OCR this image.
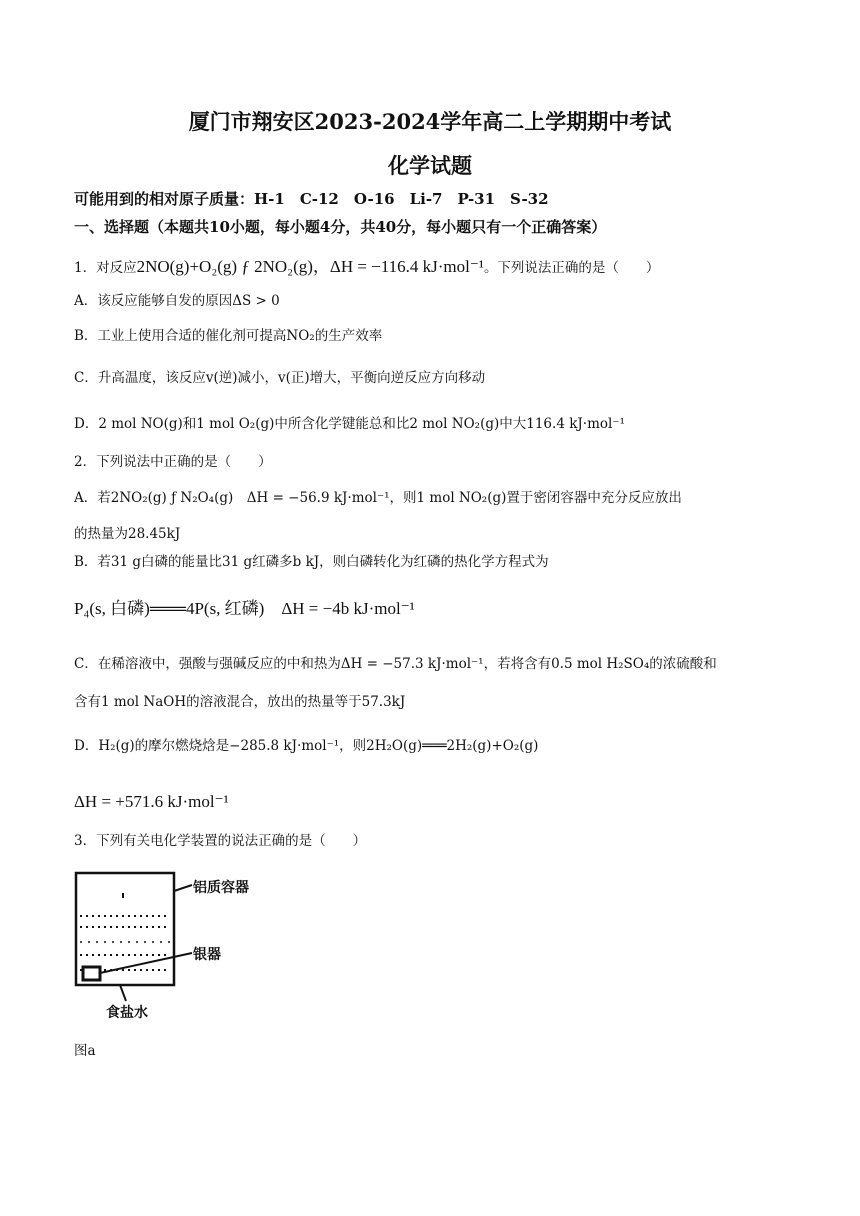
厦门市翔安区2023-2024学年高二上学期期中考试
化学试题
可能用到的相对原子质量：H-1　C-12　O-16　Li-7　P-31　S-32
一、选择题（本题共10小题，每小题4分，共40分，每小题只有一个正确答案）
1．对反应2NO(g)+O₂(g) ƒ 2NO₂(g)，ΔH = −116.4 kJ·mol⁻¹。下列说法正确的是（　　）
A．该反应能够自发的原因ΔS > 0
B．工业上使用合适的催化剂可提高NO₂的生产效率
C．升高温度，该反应v(逆)减小，v(正)增大，平衡向逆反应方向移动
D．2 mol NO(g)和1 mol O₂(g)中所含化学键能总和比2 mol NO₂(g)中大116.4 kJ·mol⁻¹
2．下列说法中正确的是（　　）
A．若2NO₂(g) ƒ N₂O₄(g)　ΔH = −56.9 kJ·mol⁻¹，则1 mol NO₂(g)置于密闭容器中充分反应放出
的热量为28.45kJ
B．若31 g白磷的能量比31 g红磷多b kJ，则白磷转化为红磷的热化学方程式为
P₄(s, 白磷)═══4P(s, 红磷)　ΔH = −4b kJ·mol⁻¹
C．在稀溶液中，强酸与强碱反应的中和热为ΔH = −57.3 kJ·mol⁻¹，若将含有0.5 mol H₂SO₄的浓硫酸和
含有1 mol NaOH的溶液混合，放出的热量等于57.3kJ
D．H₂(g)的摩尔燃烧焓是−285.8 kJ·mol⁻¹，则2H₂O(g)═══2H₂(g)+O₂(g)
ΔH = +571.6 kJ·mol⁻¹
3．下列有关电化学装置的说法正确的是（　　）
铝质容器
银器
食盐水
图a
